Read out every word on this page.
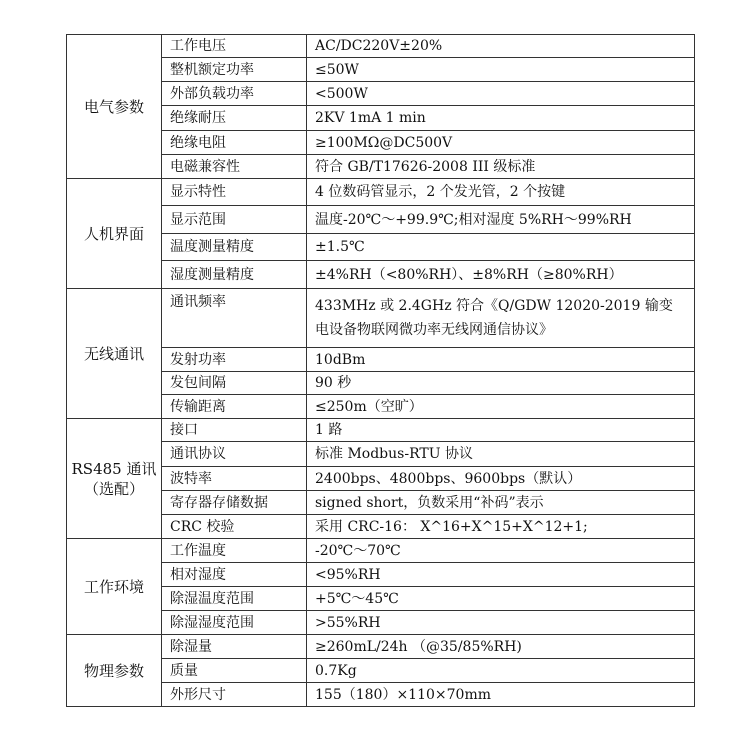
电气参数	工作电压	AC/DC220V±20%
	整机额定功率	≤50W
	外部负载功率	<500W
	绝缘耐压	2KV 1mA 1 min
	绝缘电阻	≥100MΩ@DC500V
	电磁兼容性	符合 GB/T17626-2008 III 级标准

人机界面	显示特性	4 位数码管显示，2 个发光管，2 个按键
	显示范围	温度-20℃～+99.9℃;相对湿度 5%RH～99%RH
	温度测量精度	±1.5℃
	湿度测量精度	±4%RH（<80%RH）、±8%RH（≥80%RH）

无线通讯	通讯频率	433MHz 或 2.4GHz 符合《Q/GDW 12020-2019 输变电设备物联网微功率无线网通信协议》
	发射功率	10dBm
	发包间隔	90 秒
	传输距离	≤250m（空旷）

RS485 通讯
（选配）	接口	1 路
	通讯协议	标准 Modbus-RTU 协议
	波特率	2400bps、4800bps、9600bps（默认）
	寄存器存储数据	signed short，负数采用“补码”表示
	CRC 校验	采用 CRC-16： X^16+X^15+X^12+1;

工作环境	工作温度	-20℃～70℃
	相对湿度	<95%RH
	除湿温度范围	+5℃～45℃
	除湿湿度范围	>55%RH

物理参数	除湿量	≥260mL/24h （@35/85%RH)
	质量	0.7Kg
	外形尺寸	155（180）×110×70mm
